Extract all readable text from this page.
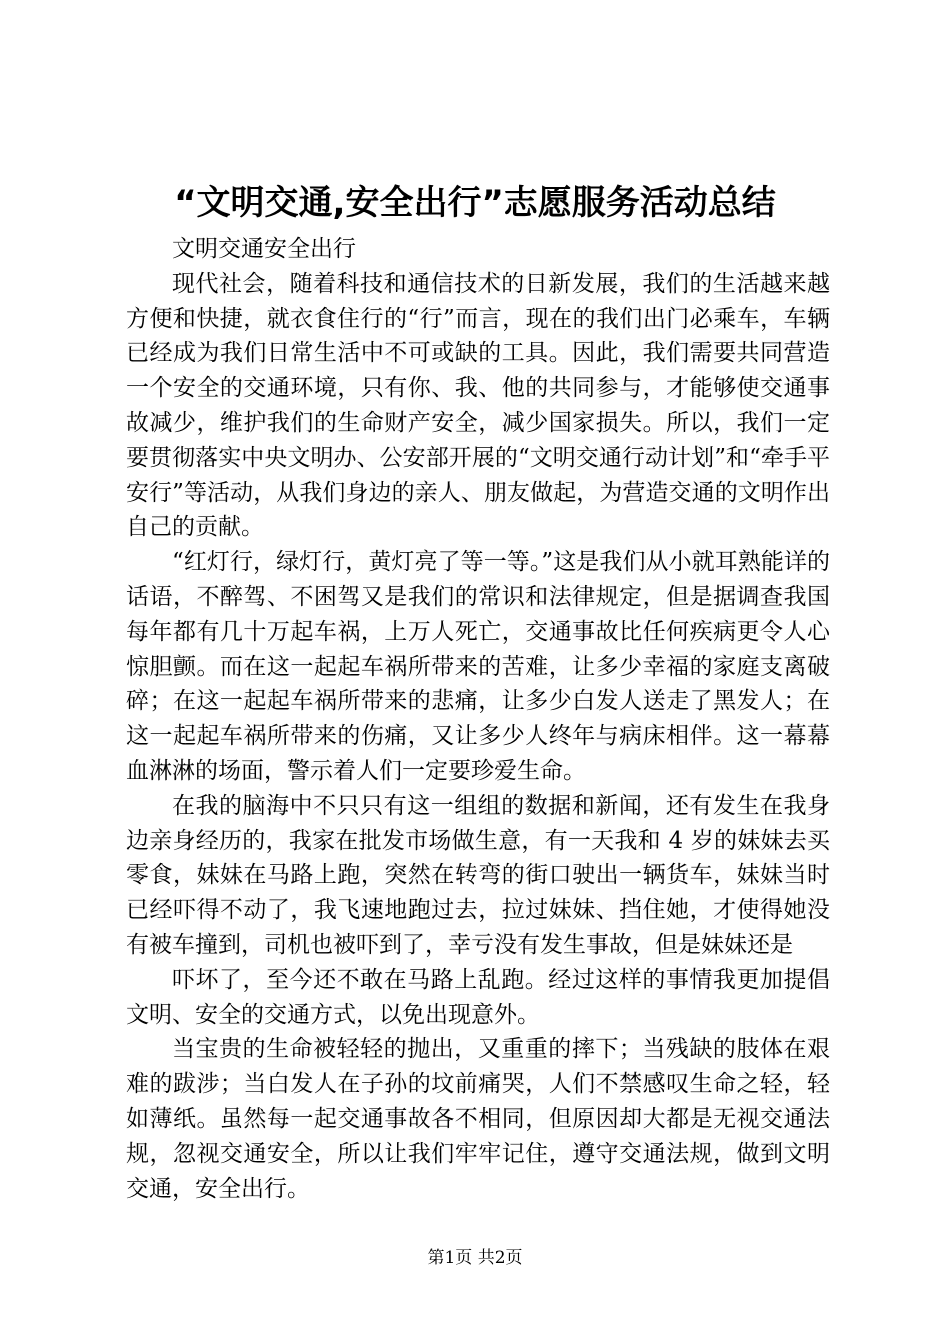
“文明交通,安全出行”志愿服务活动总结

文明交通安全出行

现代社会，随着科技和通信技术的日新发展，我们的生活越来越方便和快捷，就衣食住行的“行”而言，现在的我们出门必乘车，车辆已经成为我们日常生活中不可或缺的工具。因此，我们需要共同营造一个安全的交通环境，只有你、我、他的共同参与，才能够使交通事故减少，维护我们的生命财产安全，减少国家损失。所以，我们一定要贯彻落实中央文明办、公安部开展的“文明交通行动计划”和“牵手平安行”等活动，从我们身边的亲人、朋友做起，为营造交通的文明作出自己的贡献。

“红灯行，绿灯行，黄灯亮了等一等。”这是我们从小就耳熟能详的话语，不醉驾、不困驾又是我们的常识和法律规定，但是据调查我国每年都有几十万起车祸，上万人死亡，交通事故比任何疾病更令人心惊胆颤。而在这一起起车祸所带来的苦难，让多少幸福的家庭支离破碎；在这一起起车祸所带来的悲痛，让多少白发人送走了黑发人；在这一起起车祸所带来的伤痛，又让多少人终年与病床相伴。这一幕幕血淋淋的场面，警示着人们一定要珍爱生命。

在我的脑海中不只只有这一组组的数据和新闻，还有发生在我身边亲身经历的，我家在批发市场做生意，有一天我和 4 岁的妹妹去买零食，妹妹在马路上跑，突然在转弯的街口驶出一辆货车，妹妹当时已经吓得不动了，我飞速地跑过去，拉过妹妹、挡住她，才使得她没有被车撞到，司机也被吓到了，幸亏没有发生事故，但是妹妹还是

吓坏了，至今还不敢在马路上乱跑。经过这样的事情我更加提倡文明、安全的交通方式，以免出现意外。

当宝贵的生命被轻轻的抛出，又重重的摔下；当残缺的肢体在艰难的跋涉；当白发人在子孙的坟前痛哭，人们不禁感叹生命之轻，轻如薄纸。虽然每一起交通事故各不相同，但原因却大都是无视交通法规，忽视交通安全，所以让我们牢牢记住，遵守交通法规，做到文明交通，安全出行。

第1页 共2页
